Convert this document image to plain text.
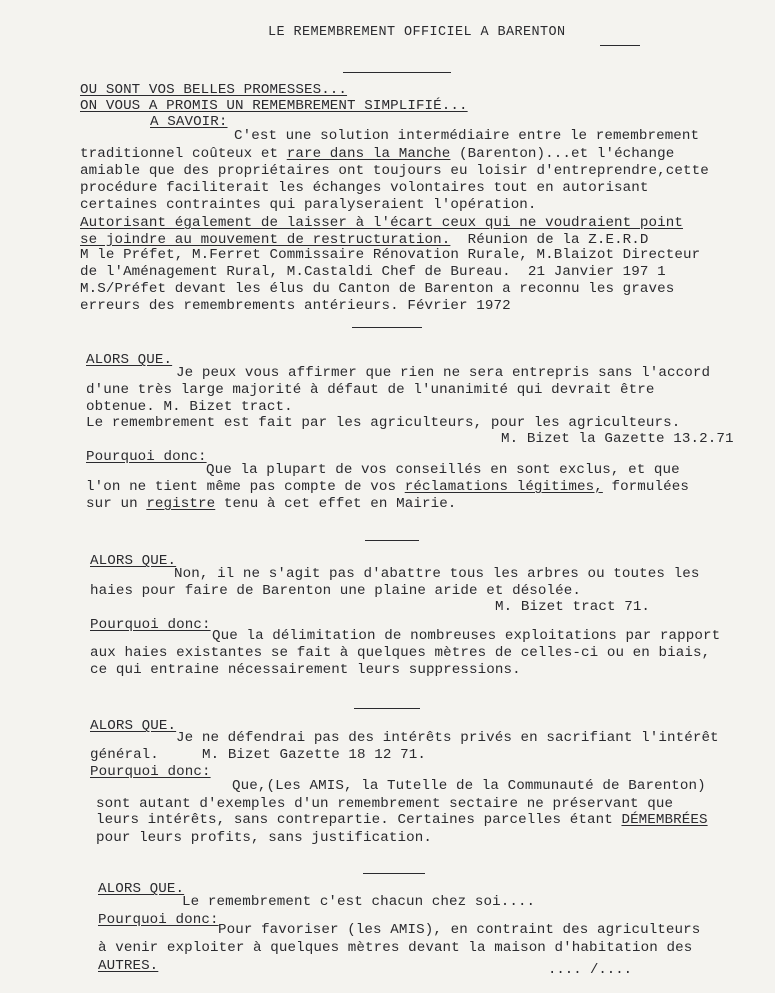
LE REMEMBREMENT OFFICIEL A BARENTON
OU SONT VOS BELLES PROMESSES...
ON VOUS A PROMIS UN REMEMBREMENT SIMPLIFIÉ...
A SAVOIR:
C'est une solution intermédiaire entre le remembrement
traditionnel coûteux et rare dans la Manche (Barenton)...et l'échange
amiable que des propriétaires ont toujours eu loisir d'entreprendre,cette
procédure faciliterait les échanges volontaires tout en autorisant
certaines contraintes qui paralyseraient l'opération.
Autorisant également de laisser à l'écart ceux qui ne voudraient point
se joindre au mouvement de restructuration.  Réunion de la Z.E.R.D
M le Préfet, M.Ferret Commissaire Rénovation Rurale, M.Blaizot Directeur
de l'Aménagement Rural, M.Castaldi Chef de Bureau.  21 Janvier 197 1
M.S/Préfet devant les élus du Canton de Barenton a reconnu les graves
erreurs des remembrements antérieurs. Février 1972
ALORS QUE.
Je peux vous affirmer que rien ne sera entrepris sans l'accord
d'une très large majorité à défaut de l'unanimité qui devrait être
obtenue. M. Bizet tract.
Le remembrement est fait par les agriculteurs, pour les agriculteurs.
M. Bizet la Gazette 13.2.71
Pourquoi donc:
Que la plupart de vos conseillés en sont exclus, et que
l'on ne tient même pas compte de vos réclamations légitimes, formulées
sur un registre tenu à cet effet en Mairie.
ALORS QUE.
Non, il ne s'agit pas d'abattre tous les arbres ou toutes les
haies pour faire de Barenton une plaine aride et désolée.
M. Bizet tract 71.
Pourquoi donc:
Que la délimitation de nombreuses exploitations par rapport
aux haies existantes se fait à quelques mètres de celles-ci ou en biais,
ce qui entraine nécessairement leurs suppressions.
ALORS QUE.
Je ne défendrai pas des intérêts privés en sacrifiant l'intérêt
général.     M. Bizet Gazette 18 12 71.
Pourquoi donc:
Que,(Les AMIS, la Tutelle de la Communauté de Barenton)
sont autant d'exemples d'un remembrement sectaire ne préservant que
leurs intérêts, sans contrepartie. Certaines parcelles étant DÉMEMBRÉES
pour leurs profits, sans justification.
ALORS QUE.
Le remembrement c'est chacun chez soi....
Pourquoi donc:
Pour favoriser (les AMIS), en contraint des agriculteurs
à venir exploiter à quelques mètres devant la maison d'habitation des
AUTRES.	.... /....
